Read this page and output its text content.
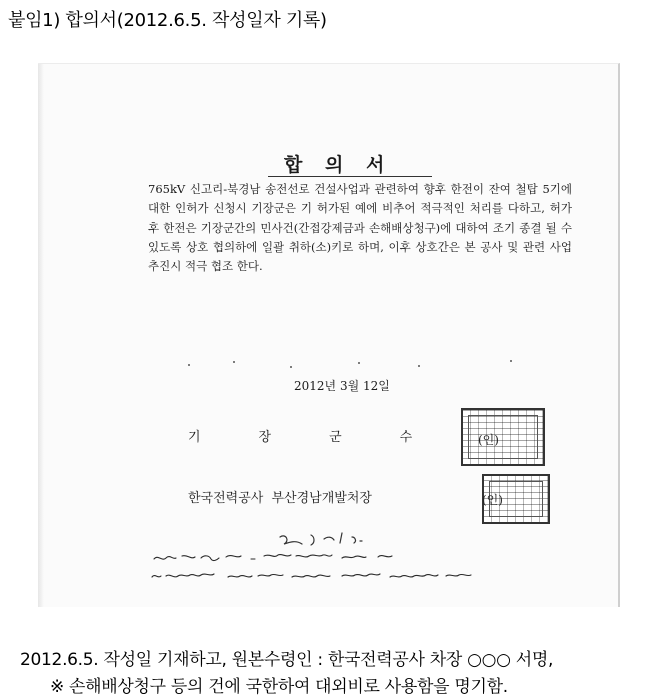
붙임1) 합의서(2012.6.5. 작성일자 기록)
합 의 서
765kV 신고리-북경남 송전선로 건설사업과 관련하여 향후 한전이 잔여 철탑 5기에 대한 인허가 신청시 기장군은 기 허가된 예에 비추어 적극적인 처리를 다하고, 허가 후 한전은 기장군간의 민사건(간접강제금과 손해배상청구)에 대하여 조기 종결 될 수 있도록 상호 협의하에 일괄 취하(소)키로 하며, 이후 상호간은 본 공사 및 관련 사업 추진시 적극 협조 한다.
2012년 3월 12일
기장군수 (인)
한국전력공사 부산경남개발처장	(인)
2012.6.5. 작성일 기재하고, 원본수령인 : 한국전력공사 차장 ○○○ 서명,
※ 손해배상청구 등의 건에 국한하여 대외비로 사용함을 명기함.
